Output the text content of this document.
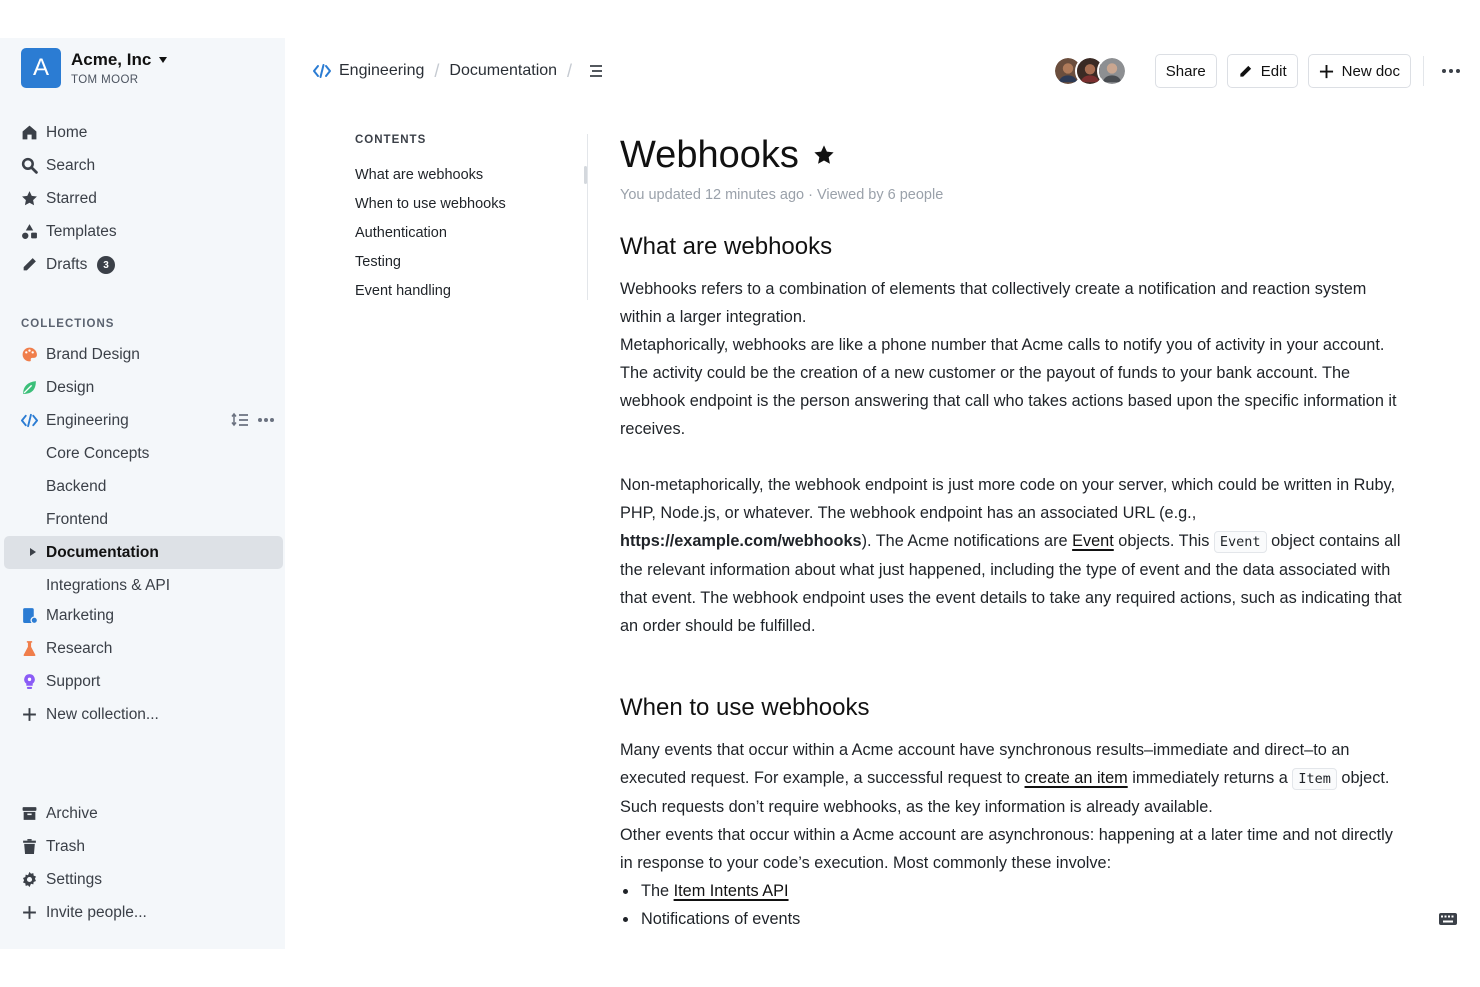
A	Acme, Inc
TOM MOOR
Home
Search
Starred
Templates
Drafts	3
COLLECTIONS
Brand Design
Design
Engineering
Core Concepts
Backend
Frontend
Documentation
Integrations & API
Marketing
Research
Support
New collection...
Archive
Trash
Settings
Invite people...
Engineering / Documentation /	Share	Edit	New doc
CONTENTS
What are webhooks
When to use webhooks
Authentication
Testing
Event handling
Webhooks
You updated 12 minutes ago · Viewed by 6 people
What are webhooks

Webhooks refers to a combination of elements that collectively create a notification and reaction system within a larger integration.

Metaphorically, webhooks are like a phone number that Acme calls to notify you of activity in your account. The activity could be the creation of a new customer or the payout of funds to your bank account. The webhook endpoint is the person answering that call who takes actions based upon the specific information it receives.

Non-metaphorically, the webhook endpoint is just more code on your server, which could be written in Ruby, PHP, Node.js, or whatever. The webhook endpoint has an associated URL (e.g., https://example.com/webhooks). The Acme notifications are Event objects. This Event object contains all the relevant information about what just happened, including the type of event and the data associated with that event. The webhook endpoint uses the event details to take any required actions, such as indicating that an order should be fulfilled.

When to use webhooks

Many events that occur within a Acme account have synchronous results–immediate and direct–to an executed request. For example, a successful request to create an item immediately returns a Item object. Such requests don’t require webhooks, as the key information is already available.

Other events that occur within a Acme account are asynchronous: happening at a later time and not directly in response to your code’s execution. Most commonly these involve:

The Item Intents API
Notifications of events
